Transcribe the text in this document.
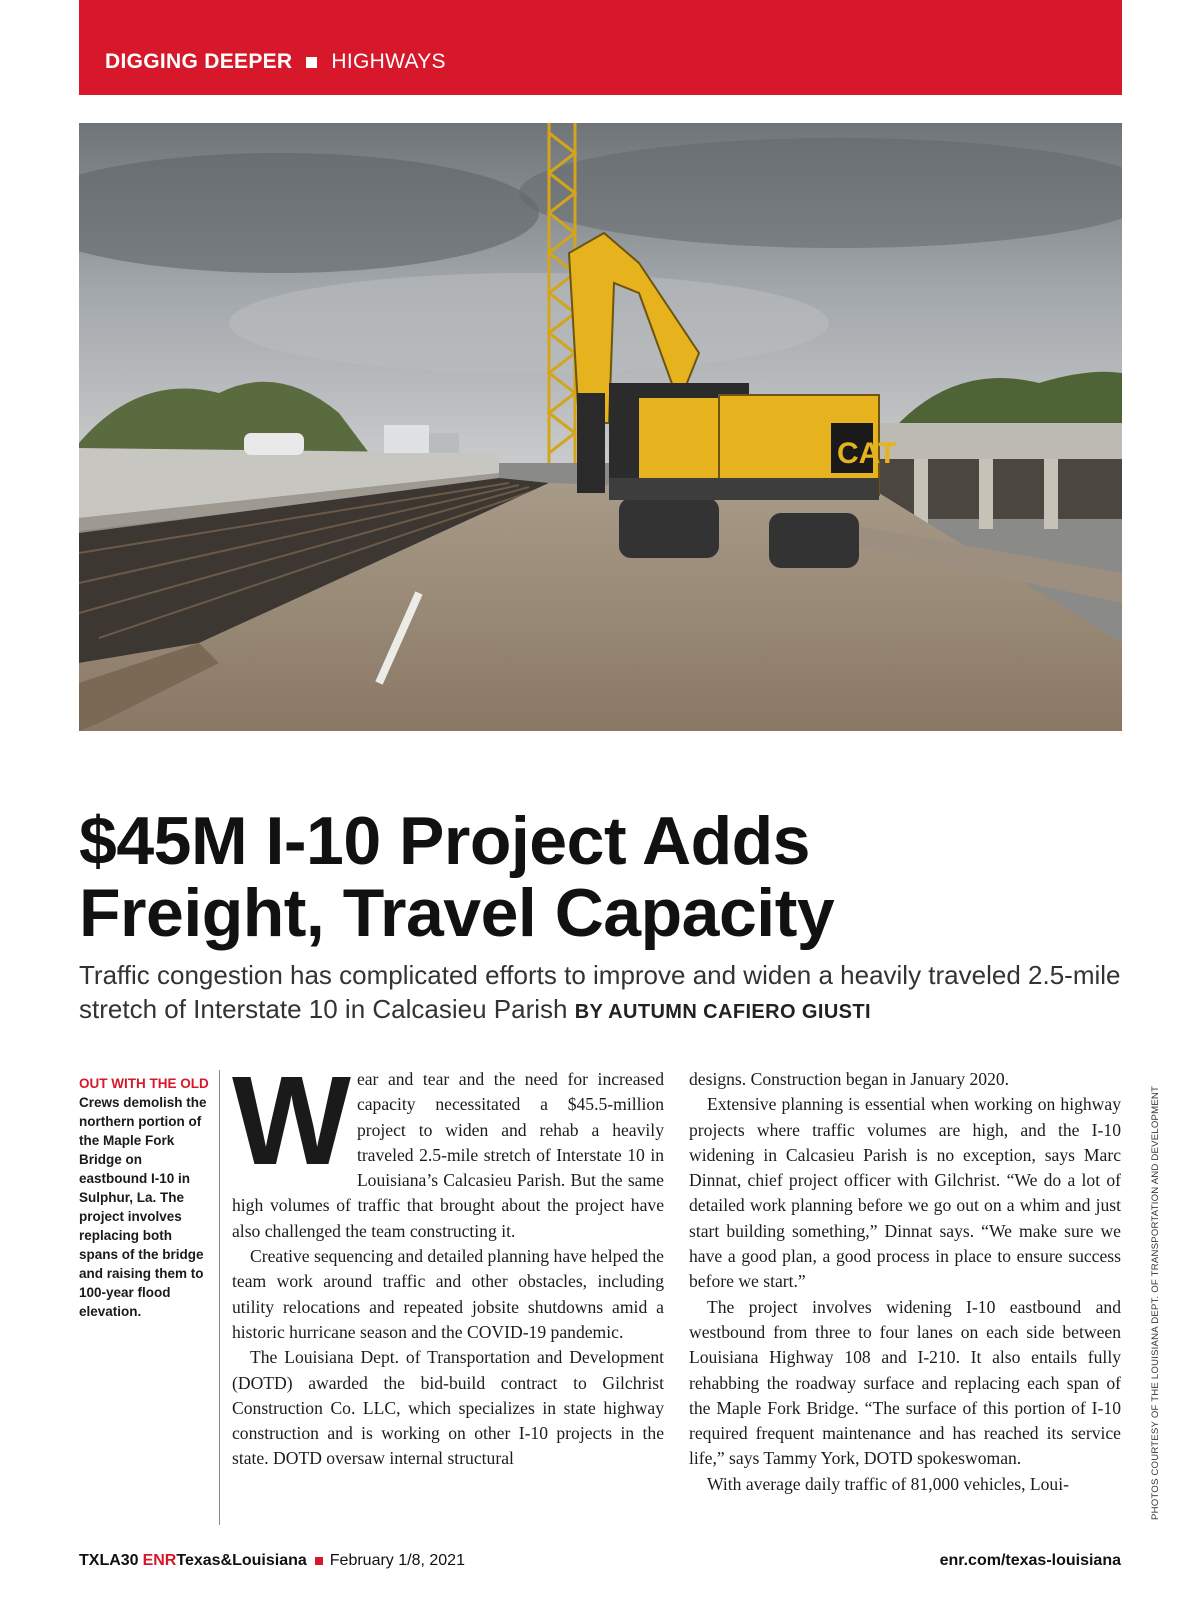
DIGGING DEEPER HIGHWAYS
CAT
$45M I-10 Project Adds
Freight, Travel Capacity
Traffic congestion has complicated efforts to improve and widen a heavily traveled 2.5-mile stretch of Interstate 10 in Calcasieu Parish BY AUTUMN CAFIERO GIUSTI
OUT WITH THE OLD Crews demolish the northern portion of the Maple Fork Bridge on eastbound I-10 in Sulphur, La. The project involves replacing both spans of the bridge and raising them to 100-year flood elevation.

Wear and tear and the need for increased capacity necessitated a $45.5-million project to widen and rehab a heavily traveled 2.5-mile stretch of Interstate 10 in Louisiana’s Calcasieu Parish. But the same high volumes of traffic that brought about the project have also challenged the team constructing it.

Creative sequencing and detailed planning have helped the team work around traffic and other obstacles, including utility relocations and repeated jobsite shutdowns amid a historic hurricane season and the COVID-19 pandemic.

The Louisiana Dept. of Transportation and Development (DOTD) awarded the bid-build contract to Gilchrist Construction Co. LLC, which specializes in state highway construction and is working on other I-10 projects in the state. DOTD oversaw internal structural

designs. Construction began in January 2020.

Extensive planning is essential when working on highway projects where traffic volumes are high, and the I-10 widening in Calcasieu Parish is no exception, says Marc Dinnat, chief project officer with Gilchrist. “We do a lot of detailed work planning before we go out on a whim and just start building something,” Dinnat says. “We make sure we have a good plan, a good process in place to ensure success before we start.”

The project involves widening I-10 eastbound and westbound from three to four lanes on each side between Louisiana Highway 108 and I-210. It also entails fully rehabbing the roadway surface and replacing each span of the Maple Fork Bridge. “The surface of this portion of I-10 required frequent maintenance and has reached its service life,” says Tammy York, DOTD spokeswoman.

With average daily traffic of 81,000 vehicles, Loui-	PHOTOS COURTESY OF THE LOUISIANA DEPT. OF TRANSPORTATION AND DEVELOPMENT
TXLA30 ENR Texas&Louisiana February 1/8, 2021	enr.com/texas-louisiana
